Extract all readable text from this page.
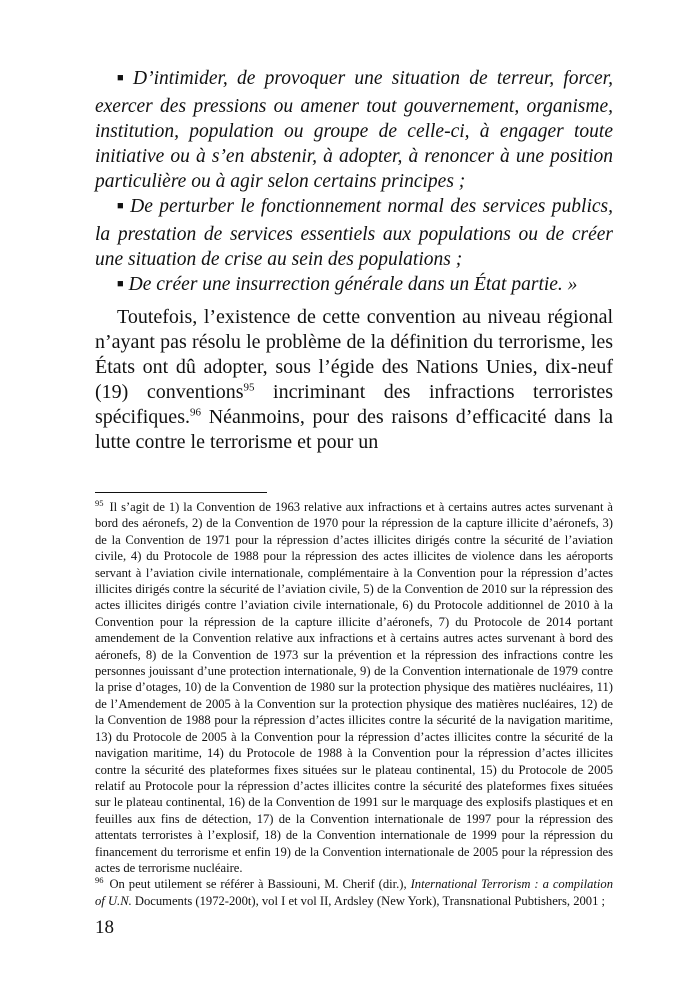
■ D’intimider, de provoquer une situation de terreur, forcer, exercer des pressions ou amener tout gouvernement, organisme, institution, population ou groupe de celle-ci, à engager toute initiative ou à s’en abstenir, à adopter, à renoncer à une position particulière ou à agir selon certains principes ;

■ De perturber le fonctionnement normal des services publics, la prestation de services essentiels aux populations ou de créer une situation de crise au sein des populations ;

■ De créer une insurrection générale dans un État partie. »

Toutefois, l’existence de cette convention au niveau régional n’ayant pas résolu le problème de la définition du terrorisme, les États ont dû adopter, sous l’égide des Nations Unies, dix-neuf (19) conventions$^{95}$ incriminant des infractions terroristes spécifiques.$^{96}$ Néanmoins, pour des raisons d’efficacité dans la lutte contre le terrorisme et pour un

$^{95}$ Il s’agit de 1) la Convention de 1963 relative aux infractions et à certains autres actes survenant à bord des aéronefs, 2) de la Convention de 1970 pour la répression de la capture illicite d’aéronefs, 3) de la Convention de 1971 pour la répression d’actes illicites dirigés contre la sécurité de l’aviation civile, 4) du Protocole de 1988 pour la répression des actes illicites de violence dans les aéroports servant à l’aviation civile internationale, complémentaire à la Convention pour la répression d’actes illicites dirigés contre la sécurité de l’aviation civile, 5) de la Convention de 2010 sur la répression des actes illicites dirigés contre l’aviation civile internationale, 6) du Protocole additionnel de 2010 à la Convention pour la répression de la capture illicite d’aéronefs, 7) du Protocole de 2014 portant amendement de la Convention relative aux infractions et à certains autres actes survenant à bord des aéronefs, 8) de la Convention de 1973 sur la prévention et la répression des infractions contre les personnes jouissant d’une protection internationale, 9) de la Convention internationale de 1979 contre la prise d’otages, 10) de la Convention de 1980 sur la protection physique des matières nucléaires, 11) de l’Amendement de 2005 à la Convention sur la protection physique des matières nucléaires, 12) de la Convention de 1988 pour la répression d’actes illicites contre la sécurité de la navigation maritime, 13) du Protocole de 2005 à la Convention pour la répression d’actes illicites contre la sécurité de la navigation maritime, 14) du Protocole de 1988 à la Convention pour la répression d’actes illicites contre la sécurité des plateformes fixes situées sur le plateau continental, 15) du Protocole de 2005 relatif au Protocole pour la répression d’actes illicites contre la sécurité des plateformes fixes situées sur le plateau continental, 16) de la Convention de 1991 sur le marquage des explosifs plastiques et en feuilles aux fins de détection, 17) de la Convention internationale de 1997 pour la répression des attentats terroristes à l’explosif, 18) de la Convention internationale de 1999 pour la répression du financement du terrorisme et enfin 19) de la Convention internationale de 2005 pour la répression des actes de terrorisme nucléaire.

$^{96}$ On peut utilement se référer à Bassiouni, M. Cherif (dir.), International Terrorism : a compilation of U.N. Documents (1972-200t), vol I et vol II, Ardsley (New York), Transnational Pubtishers, 2001 ;

18
